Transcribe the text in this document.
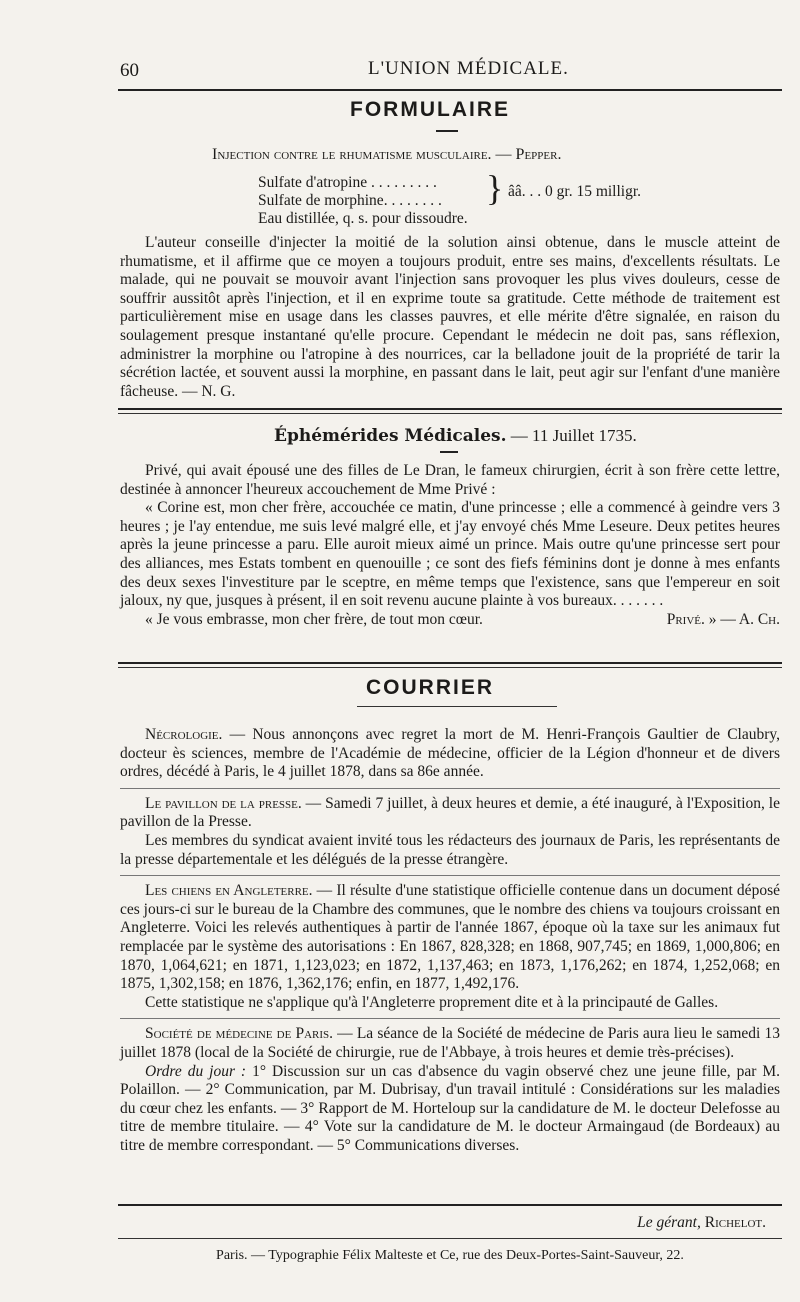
60	L'UNION MÉDICALE.
FORMULAIRE
Injection contre le rhumatisme musculaire. — Pepper.
Sulfate d'atropine . . . . . . . . .
Sulfate de morphine. . . . . . . . } ââ. . . 0 gr. 15 milligr.
Eau distillée, q. s. pour dissoudre.

L'auteur conseille d'injecter la moitié de la solution ainsi obtenue, dans le muscle atteint de rhumatisme, et il affirme que ce moyen a toujours produit, entre ses mains, d'excellents résultats. Le malade, qui ne pouvait se mouvoir avant l'injection sans provoquer les plus vives douleurs, cesse de souffrir aussitôt après l'injection, et il en exprime toute sa gratitude. Cette méthode de traitement est particulièrement mise en usage dans les classes pauvres, et elle mérite d'être signalée, en raison du soulagement presque instantané qu'elle procure. Cependant le médecin ne doit pas, sans réflexion, administrer la morphine ou l'atropine à des nourrices, car la belladone jouit de la propriété de tarir la sécrétion lactée, et souvent aussi la morphine, en passant dans le lait, peut agir sur l'enfant d'une manière fâcheuse. — N. G.

Éphémérides Médicales. — 11 Juillet 1735.

Privé, qui avait épousé une des filles de Le Dran, le fameux chirurgien, écrit à son frère cette lettre, destinée à annoncer l'heureux accouchement de Mme Privé :

« Corine est, mon cher frère, accouchée ce matin, d'une princesse ; elle a commencé à geindre vers 3 heures ; je l'ay entendue, me suis levé malgré elle, et j'ay envoyé chés Mme Leseure. Deux petites heures après la jeune princesse a paru. Elle auroit mieux aimé un prince. Mais outre qu'une princesse sert pour des alliances, mes Estats tombent en quenouille ; ce sont des fiefs féminins dont je donne à mes enfants des deux sexes l'investiture par le sceptre, en même temps que l'existence, sans que l'empereur en soit jaloux, ny que, jusques à présent, il en soit revenu aucune plainte à vos bureaux. . . . . . .

« Je vous embrasse, mon cher frère, de tout mon cœur.	Privé. » — A. Ch.

COURRIER

Nécrologie. — Nous annonçons avec regret la mort de M. Henri-François Gaultier de Claubry, docteur ès sciences, membre de l'Académie de médecine, officier de la Légion d'honneur et de divers ordres, décédé à Paris, le 4 juillet 1878, dans sa 86e année.

Le pavillon de la presse. — Samedi 7 juillet, à deux heures et demie, a été inauguré, à l'Exposition, le pavillon de la Presse.

Les membres du syndicat avaient invité tous les rédacteurs des journaux de Paris, les représentants de la presse départementale et les délégués de la presse étrangère.

Les chiens en Angleterre. — Il résulte d'une statistique officielle contenue dans un document déposé ces jours-ci sur le bureau de la Chambre des communes, que le nombre des chiens va toujours croissant en Angleterre. Voici les relevés authentiques à partir de l'année 1867, époque où la taxe sur les animaux fut remplacée par le système des autorisations : En 1867, 828,328; en 1868, 907,745; en 1869, 1,000,806; en 1870, 1,064,621; en 1871, 1,123,023; en 1872, 1,137,463; en 1873, 1,176,262; en 1874, 1,252,068; en 1875, 1,302,158; en 1876, 1,362,176; enfin, en 1877, 1,492,176.

Cette statistique ne s'applique qu'à l'Angleterre proprement dite et à la principauté de Galles.

Société de médecine de Paris. — La séance de la Société de médecine de Paris aura lieu le samedi 13 juillet 1878 (local de la Société de chirurgie, rue de l'Abbaye, à trois heures et demie très-précises).

Ordre du jour : 1° Discussion sur un cas d'absence du vagin observé chez une jeune fille, par M. Polaillon. — 2° Communication, par M. Dubrisay, d'un travail intitulé : Considérations sur les maladies du cœur chez les enfants. — 3° Rapport de M. Horteloup sur la candidature de M. le docteur Delefosse au titre de membre titulaire. — 4° Vote sur la candidature de M. le docteur Armaingaud (de Bordeaux) au titre de membre correspondant. — 5° Communications diverses.

Le gérant, Richelot.
Paris. — Typographie Félix Malteste et Ce, rue des Deux-Portes-Saint-Sauveur, 22.
